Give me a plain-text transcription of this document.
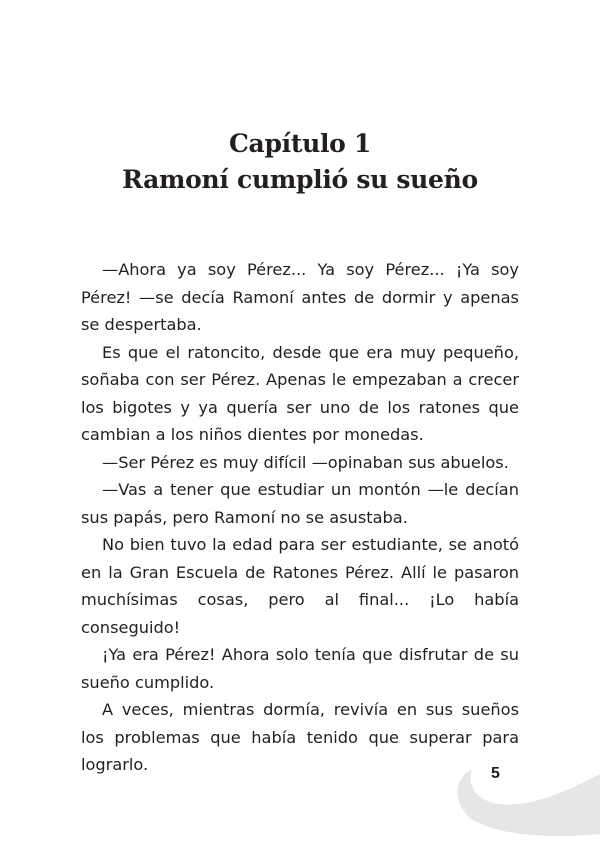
Capítulo 1
Ramoní cumplió su sueño

—Ahora ya soy Pérez... Ya soy Pérez... ¡Ya soy Pérez! —se decía Ramoní antes de dormir y apenas se despertaba.

Es que el ratoncito, desde que era muy pequeño, soñaba con ser Pérez. Apenas le empezaban a crecer los bigotes y ya quería ser uno de los ratones que cambian a los niños dientes por monedas.

—Ser Pérez es muy difícil —opinaban sus abuelos.

—Vas a tener que estudiar un montón —le decían sus papás, pero Ramoní no se asustaba.

No bien tuvo la edad para ser estudiante, se anotó en la Gran Escuela de Ratones Pérez. Allí le pasaron muchísimas cosas, pero al final... ¡Lo había conseguido!

¡Ya era Pérez! Ahora solo tenía que disfrutar de su sueño cumplido.

A veces, mientras dormía, revivía en sus sueños los problemas que había tenido que superar para lograrlo.	5
